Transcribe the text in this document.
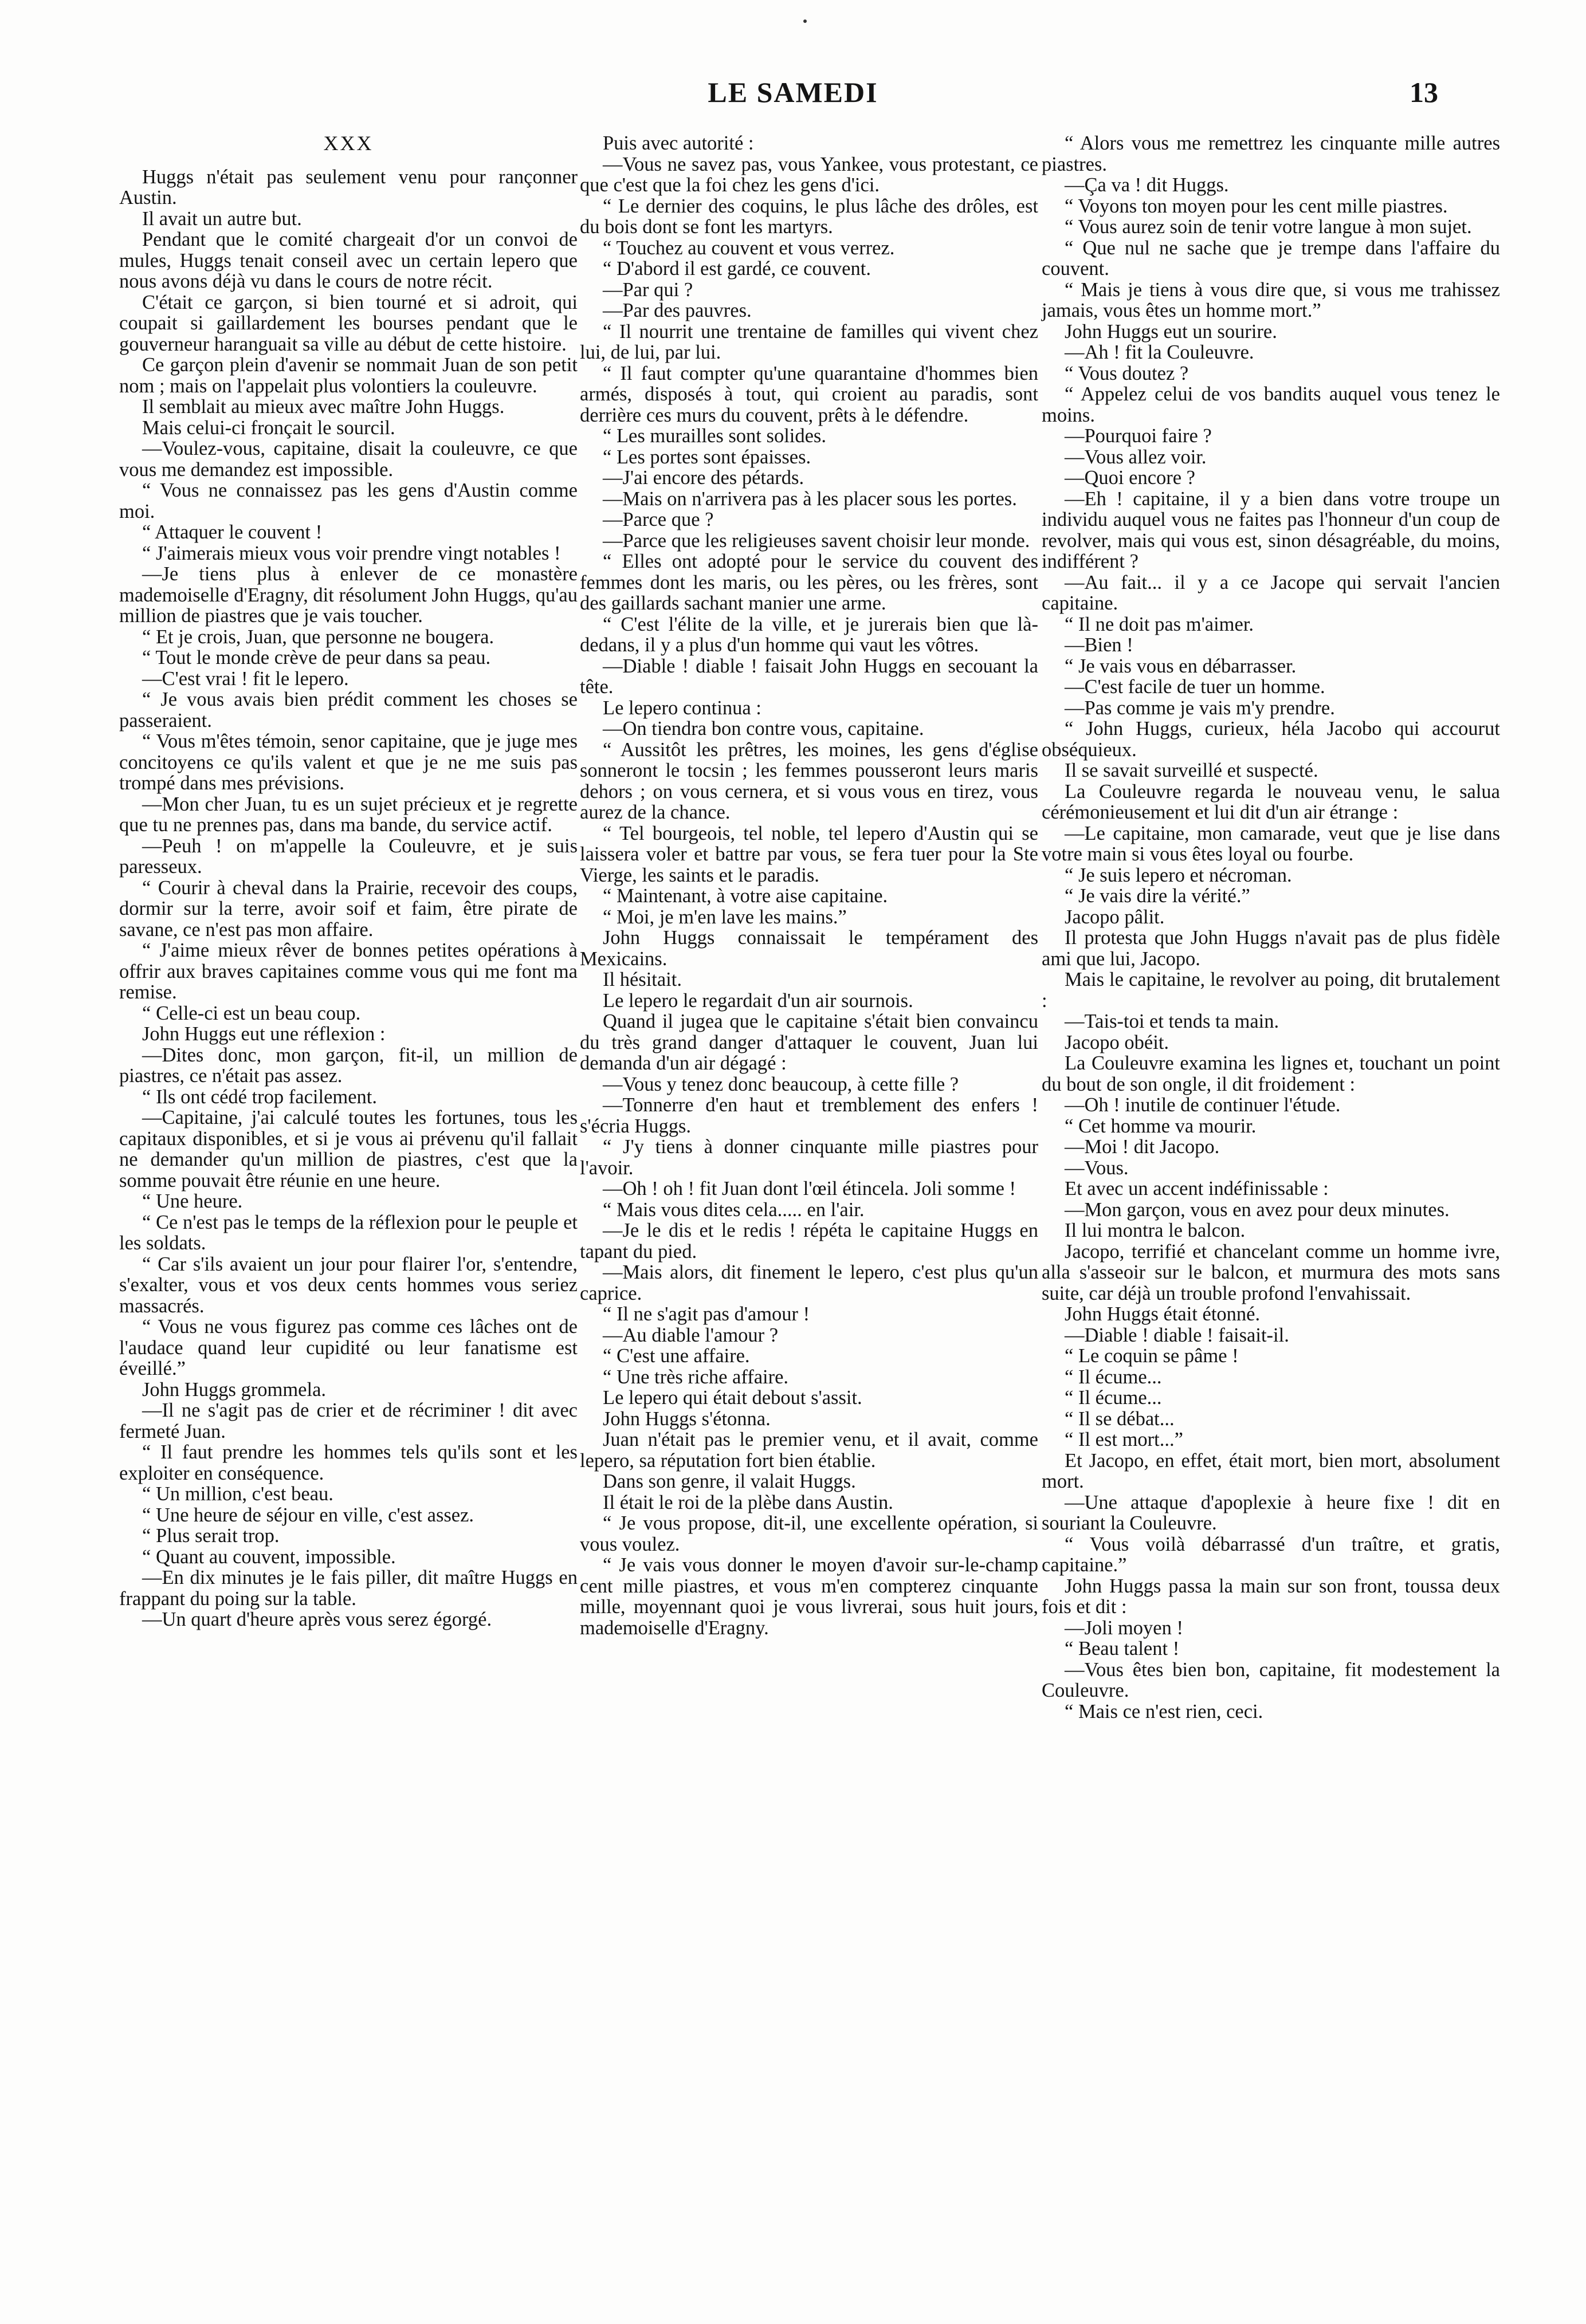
LE SAMEDI	13
XXX

Huggs n'était pas seulement venu pour rançonner Austin.

Il avait un autre but.

Pendant que le comité chargeait d'or un convoi de mules, Huggs tenait conseil avec un certain lepero que nous avons déjà vu dans le cours de notre récit.

C'était ce garçon, si bien tourné et si adroit, qui coupait si gaillardement les bourses pendant que le gouverneur haranguait sa ville au début de cette histoire.

Ce garçon plein d'avenir se nommait Juan de son petit nom ; mais on l'appelait plus volontiers la couleuvre.

Il semblait au mieux avec maître John Huggs.

Mais celui-ci fronçait le sourcil.

—Voulez-vous, capitaine, disait la couleuvre, ce que vous me demandez est impossible.

“ Vous ne connaissez pas les gens d'Austin comme moi.

“ Attaquer le couvent !

“ J'aimerais mieux vous voir prendre vingt notables !

—Je tiens plus à enlever de ce monastère mademoiselle d'Eragny, dit résolument John Huggs, qu'au million de piastres que je vais toucher.

“ Et je crois, Juan, que personne ne bougera.

“ Tout le monde crève de peur dans sa peau.

—C'est vrai ! fit le lepero.

“ Je vous avais bien prédit comment les choses se passeraient.

“ Vous m'êtes témoin, senor capitaine, que je juge mes concitoyens ce qu'ils valent et que je ne me suis pas trompé dans mes prévisions.

—Mon cher Juan, tu es un sujet précieux et je regrette que tu ne prennes pas, dans ma bande, du service actif.

—Peuh ! on m'appelle la Couleuvre, et je suis paresseux.

“ Courir à cheval dans la Prairie, recevoir des coups, dormir sur la terre, avoir soif et faim, être pirate de savane, ce n'est pas mon affaire.

“ J'aime mieux rêver de bonnes petites opérations à offrir aux braves capitaines comme vous qui me font ma remise.

“ Celle-ci est un beau coup.

John Huggs eut une réflexion :

—Dites donc, mon garçon, fit-il, un million de piastres, ce n'était pas assez.

“ Ils ont cédé trop facilement.

—Capitaine, j'ai calculé toutes les fortunes, tous les capitaux disponibles, et si je vous ai prévenu qu'il fallait ne demander qu'un million de piastres, c'est que la somme pouvait être réunie en une heure.

“ Une heure.

“ Ce n'est pas le temps de la réflexion pour le peuple et les soldats.

“ Car s'ils avaient un jour pour flairer l'or, s'entendre, s'exalter, vous et vos deux cents hommes vous seriez massacrés.

“ Vous ne vous figurez pas comme ces lâches ont de l'audace quand leur cupidité ou leur fanatisme est éveillé.”

John Huggs grommela.

—Il ne s'agit pas de crier et de récriminer ! dit avec fermeté Juan.

“ Il faut prendre les hommes tels qu'ils sont et les exploiter en conséquence.

“ Un million, c'est beau.

“ Une heure de séjour en ville, c'est assez.

“ Plus serait trop.

“ Quant au couvent, impossible.

—En dix minutes je le fais piller, dit maître Huggs en frappant du poing sur la table.

—Un quart d'heure après vous serez égorgé.

Puis avec autorité :

—Vous ne savez pas, vous Yankee, vous protestant, ce que c'est que la foi chez les gens d'ici.

“ Le dernier des coquins, le plus lâche des drôles, est du bois dont se font les martyrs.

“ Touchez au couvent et vous verrez.

“ D'abord il est gardé, ce couvent.

—Par qui ?

—Par des pauvres.

“ Il nourrit une trentaine de familles qui vivent chez lui, de lui, par lui.

“ Il faut compter qu'une quarantaine d'hommes bien armés, disposés à tout, qui croient au paradis, sont derrière ces murs du couvent, prêts à le défendre.

“ Les murailles sont solides.

“ Les portes sont épaisses.

—J'ai encore des pétards.

—Mais on n'arrivera pas à les placer sous les portes.

—Parce que ?

—Parce que les religieuses savent choisir leur monde.

“ Elles ont adopté pour le service du couvent des femmes dont les maris, ou les pères, ou les frères, sont des gaillards sachant manier une arme.

“ C'est l'élite de la ville, et je jurerais bien que là-dedans, il y a plus d'un homme qui vaut les vôtres.

—Diable ! diable ! faisait John Huggs en secouant la tête.

Le lepero continua :

—On tiendra bon contre vous, capitaine.

“ Aussitôt les prêtres, les moines, les gens d'église sonneront le tocsin ; les femmes pousseront leurs maris dehors ; on vous cernera, et si vous vous en tirez, vous aurez de la chance.

“ Tel bourgeois, tel noble, tel lepero d'Austin qui se laissera voler et battre par vous, se fera tuer pour la Ste Vierge, les saints et le paradis.

“ Maintenant, à votre aise capitaine.

“ Moi, je m'en lave les mains.”

John Huggs connaissait le tempérament des Mexicains.

Il hésitait.

Le lepero le regardait d'un air sournois.

Quand il jugea que le capitaine s'était bien convaincu du très grand danger d'attaquer le couvent, Juan lui demanda d'un air dégagé :

—Vous y tenez donc beaucoup, à cette fille ?

—Tonnerre d'en haut et tremblement des enfers ! s'écria Huggs.

“ J'y tiens à donner cinquante mille piastres pour l'avoir.

—Oh ! oh ! fit Juan dont l'œil étincela. Joli somme !

“ Mais vous dites cela..... en l'air.

—Je le dis et le redis ! répéta le capitaine Huggs en tapant du pied.

—Mais alors, dit finement le lepero, c'est plus qu'un caprice.

“ Il ne s'agit pas d'amour !

—Au diable l'amour ?

“ C'est une affaire.

“ Une très riche affaire.

Le lepero qui était debout s'assit.

John Huggs s'étonna.

Juan n'était pas le premier venu, et il avait, comme lepero, sa réputation fort bien établie.

Dans son genre, il valait Huggs.

Il était le roi de la plèbe dans Austin.

“ Je vous propose, dit-il, une excellente opération, si vous voulez.

“ Je vais vous donner le moyen d'avoir sur-le-champ cent mille piastres, et vous m'en compterez cinquante mille, moyennant quoi je vous livrerai, sous huit jours, mademoiselle d'Eragny.

“ Alors vous me remettrez les cinquante mille autres piastres.

—Ça va ! dit Huggs.

“ Voyons ton moyen pour les cent mille piastres.

“ Vous aurez soin de tenir votre langue à mon sujet.

“ Que nul ne sache que je trempe dans l'affaire du couvent.

“ Mais je tiens à vous dire que, si vous me trahissez jamais, vous êtes un homme mort.”

John Huggs eut un sourire.

—Ah ! fit la Couleuvre.

“ Vous doutez ?

“ Appelez celui de vos bandits auquel vous tenez le moins.

—Pourquoi faire ?

—Vous allez voir.

—Quoi encore ?

—Eh ! capitaine, il y a bien dans votre troupe un individu auquel vous ne faites pas l'honneur d'un coup de revolver, mais qui vous est, sinon désagréable, du moins, indifférent ?

—Au fait... il y a ce Jacope qui servait l'ancien capitaine.

“ Il ne doit pas m'aimer.

—Bien !

“ Je vais vous en débarrasser.

—C'est facile de tuer un homme.

—Pas comme je vais m'y prendre.

“ John Huggs, curieux, héla Jacobo qui accourut obséquieux.

Il se savait surveillé et suspecté.

La Couleuvre regarda le nouveau venu, le salua cérémonieusement et lui dit d'un air étrange :

—Le capitaine, mon camarade, veut que je lise dans votre main si vous êtes loyal ou fourbe.

“ Je suis lepero et nécroman.

“ Je vais dire la vérité.”

Jacopo pâlit.

Il protesta que John Huggs n'avait pas de plus fidèle ami que lui, Jacopo.

Mais le capitaine, le revolver au poing, dit brutalement :

—Tais-toi et tends ta main.

Jacopo obéit.

La Couleuvre examina les lignes et, touchant un point du bout de son ongle, il dit froidement :

—Oh ! inutile de continuer l'étude.

“ Cet homme va mourir.

—Moi ! dit Jacopo.

—Vous.

Et avec un accent indéfinissable :

—Mon garçon, vous en avez pour deux minutes.

Il lui montra le balcon.

Jacopo, terrifié et chancelant comme un homme ivre, alla s'asseoir sur le balcon, et murmura des mots sans suite, car déjà un trouble profond l'envahissait.

John Huggs était étonné.

—Diable ! diable ! faisait-il.

“ Le coquin se pâme !

“ Il écume...

“ Il écume...

“ Il se débat...

“ Il est mort...”

Et Jacopo, en effet, était mort, bien mort, absolument mort.

—Une attaque d'apoplexie à heure fixe ! dit en souriant la Couleuvre.

“ Vous voilà débarrassé d'un traître, et gratis, capitaine.”

John Huggs passa la main sur son front, toussa deux fois et dit :

—Joli moyen !

“ Beau talent !

—Vous êtes bien bon, capitaine, fit modestement la Couleuvre.

“ Mais ce n'est rien, ceci.
